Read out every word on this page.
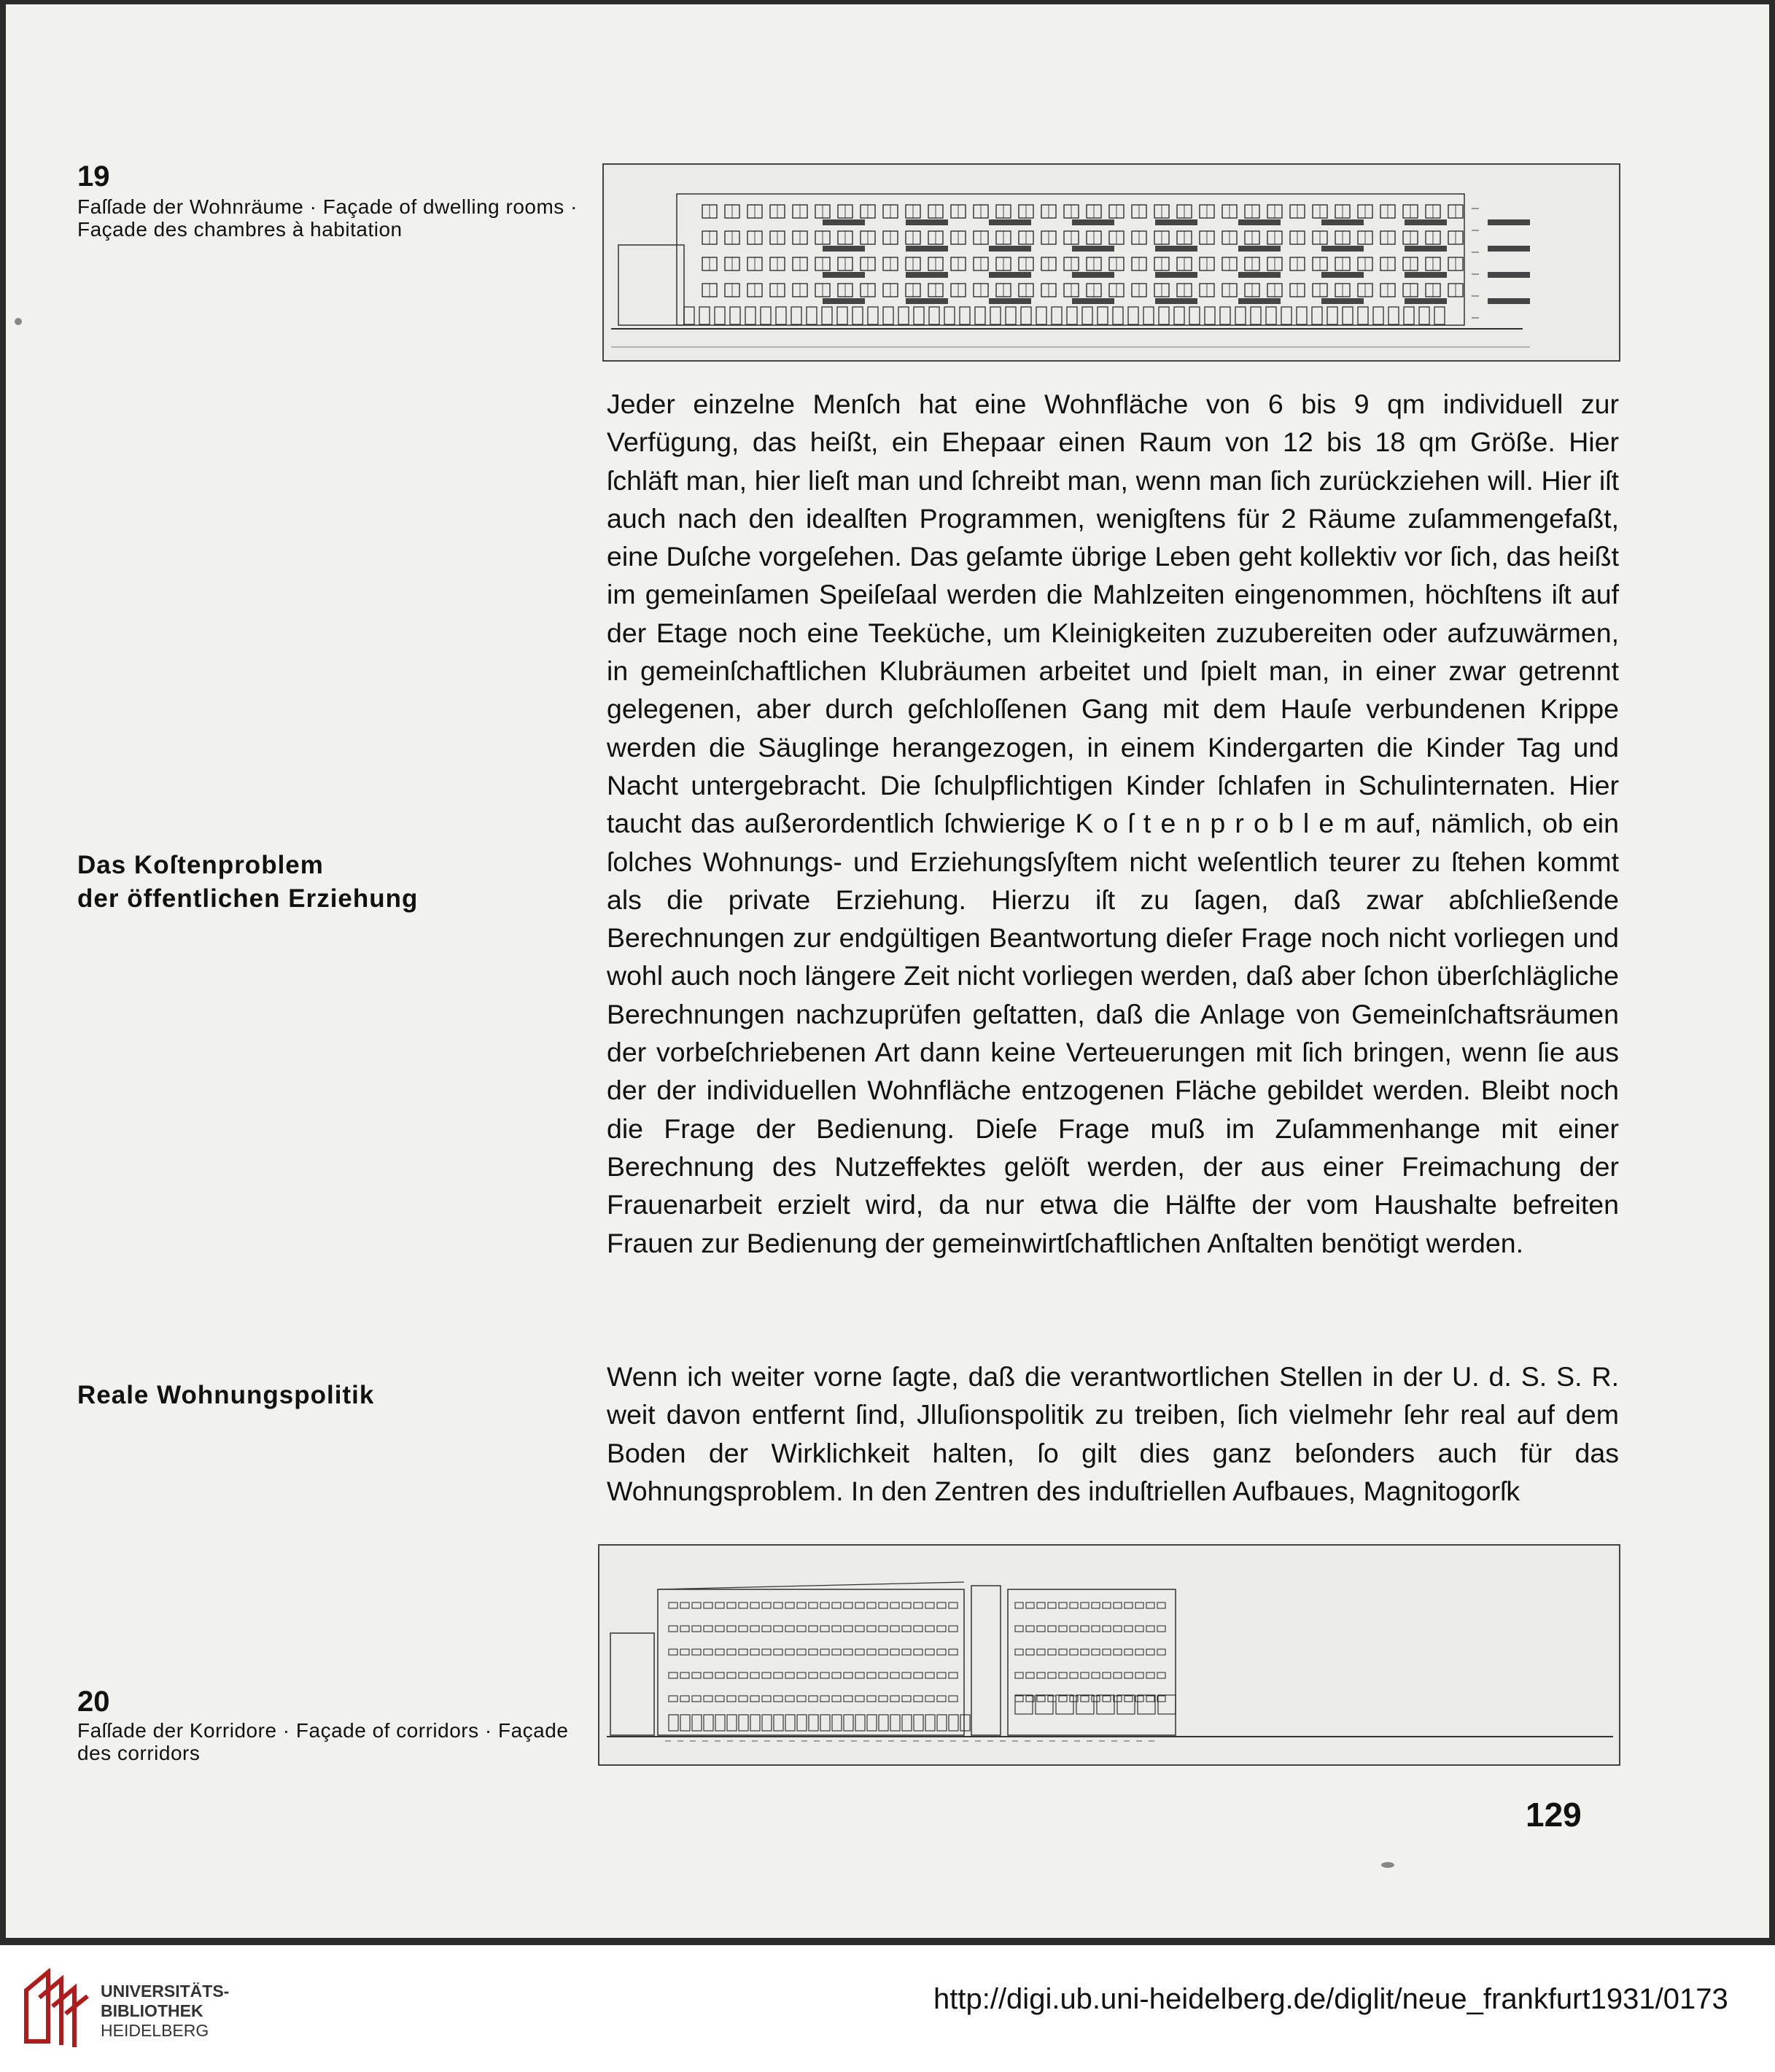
19
Faſſade der Wohnräume · Façade of dwelling rooms · Façade des chambres à habitation
Das Koſtenproblem
der öffentlichen Erziehung
Reale Wohnungspolitik

Jeder einzelne Menſch hat eine Wohnfläche von 6 bis 9 qm individuell zur Verfügung, das heißt, ein Ehepaar einen Raum von 12 bis 18 qm Größe. Hier ſchläft man, hier lieſt man und ſchreibt man, wenn man ſich zurückziehen will. Hier iſt auch nach den idealſten Programmen, wenigſtens für 2 Räume zuſammengefaßt, eine Duſche vorgeſehen. Das geſamte übrige Leben geht kollektiv vor ſich, das heißt im gemeinſamen Speiſeſaal werden die Mahlzeiten eingenommen, höchſtens iſt auf der Etage noch eine Teeküche, um Kleinigkeiten zuzubereiten oder aufzuwärmen, in gemeinſchaftlichen Klubräumen arbeitet und ſpielt man, in einer zwar getrennt gelegenen, aber durch geſchloſſenen Gang mit dem Hauſe verbundenen Krippe werden die Säuglinge herangezogen, in einem Kindergarten die Kinder Tag und Nacht untergebracht. Die ſchulpflichtigen Kinder ſchlafen in Schulinternaten. Hier taucht das außerordentlich ſchwierige K o ſ t e n p r o b l e m auf, nämlich, ob ein ſolches Wohnungs- und Erziehungsſyſtem nicht weſentlich teurer zu ſtehen kommt als die private Erziehung. Hierzu iſt zu ſagen, daß zwar abſchließende Berechnungen zur endgültigen Beantwortung dieſer Frage noch nicht vorliegen und wohl auch noch längere Zeit nicht vorliegen werden, daß aber ſchon überſchlägliche Berechnungen nachzuprüfen geſtatten, daß die Anlage von Gemeinſchaftsräumen der vorbeſchriebenen Art dann keine Verteuerungen mit ſich bringen, wenn ſie aus der der individuellen Wohnfläche entzogenen Fläche gebildet werden. Bleibt noch die Frage der Bedienung. Dieſe Frage muß im Zuſammenhange mit einer Berechnung des Nutzeffektes gelöſt werden, der aus einer Freimachung der Frauenarbeit erzielt wird, da nur etwa die Hälfte der vom Haushalte befreiten Frauen zur Bedienung der gemeinwirtſchaftlichen Anſtalten benötigt werden.

Wenn ich weiter vorne ſagte, daß die verantwortlichen Stellen in der U. d. S. S. R. weit davon entfernt ſind, Jlluſionspolitik zu treiben, ſich vielmehr ſehr real auf dem Boden der Wirklichkeit halten, ſo gilt dies ganz beſonders auch für das Wohnungsproblem. In den Zentren des induſtriellen Aufbaues, Magnitogorſk

20
Faſſade der Korridore · Façade of corridors · Façade des corridors
129
UNIVERSITÄTS-
BIBLIOTHEK
HEIDELBERG
http://digi.ub.uni-heidelberg.de/diglit/neue_frankfurt1931/0173
